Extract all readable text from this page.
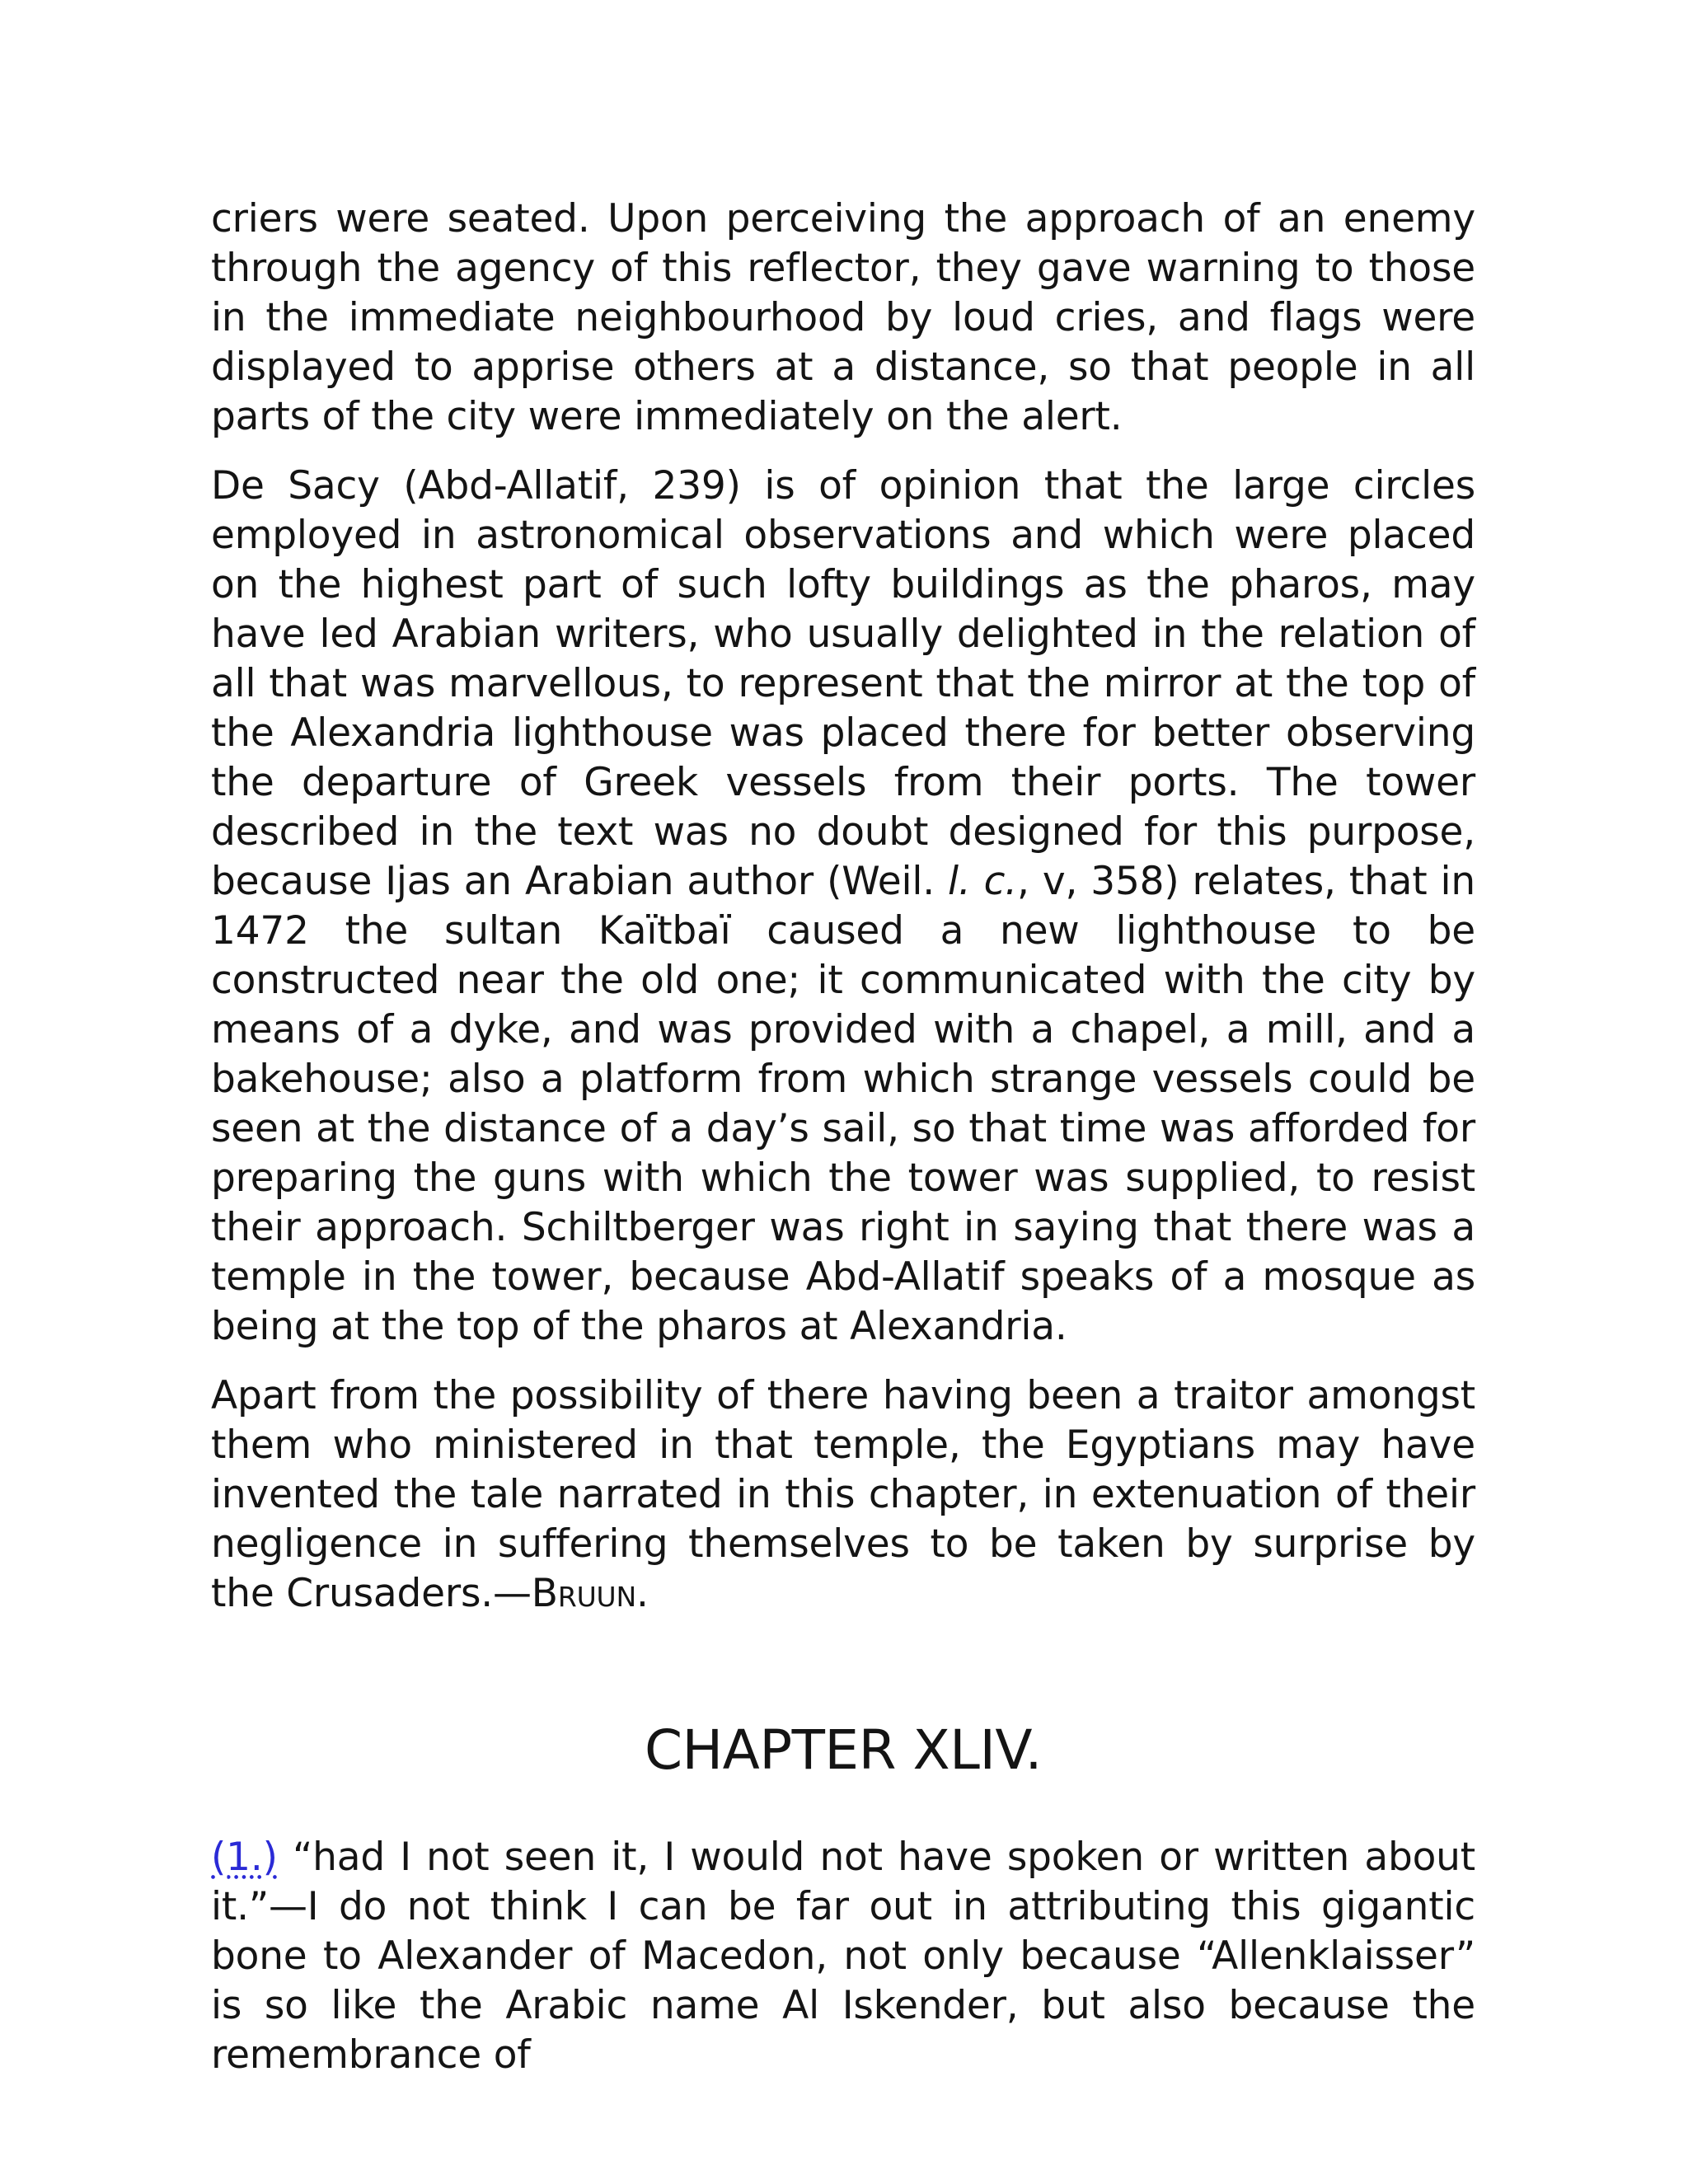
criers were seated. Upon perceiving the approach of an enemy through the agency of this reflector, they gave warning to those in the immediate neighbourhood by loud cries, and flags were displayed to apprise others at a distance, so that people in all parts of the city were immediately on the alert.

De Sacy (Abd-Allatif, 239) is of opinion that the large circles employed in astronomical observations and which were placed on the highest part of such lofty buildings as the pharos, may have led Arabian writers, who usually delighted in the relation of all that was marvellous, to represent that the mirror at the top of the Alexandria lighthouse was placed there for better observing the departure of Greek vessels from their ports. The tower described in the text was no doubt designed for this purpose, because Ijas an Arabian author (Weil. l. c., v, 358) relates, that in 1472 the sultan Kaïtbaï caused a new lighthouse to be constructed near the old one; it communicated with the city by means of a dyke, and was provided with a chapel, a mill, and a bakehouse; also a platform from which strange vessels could be seen at the distance of a day’s sail, so that time was afforded for preparing the guns with which the tower was supplied, to resist their approach. Schiltberger was right in saying that there was a temple in the tower, because Abd-Allatif speaks of a mosque as being at the top of the pharos at Alexandria.

Apart from the possibility of there having been a traitor amongst them who ministered in that temple, the Egyptians may have invented the tale narrated in this chapter, in extenuation of their negligence in suffering themselves to be taken by surprise by the Crusaders.—Bruun.

CHAPTER XLIV.

(1.) “had I not seen it, I would not have spoken or written about it.”—I do not think I can be far out in attributing this gigantic bone to Alexander of Macedon, not only because “Allenklaisser” is so like the Arabic name Al Iskender, but also because the remembrance of
